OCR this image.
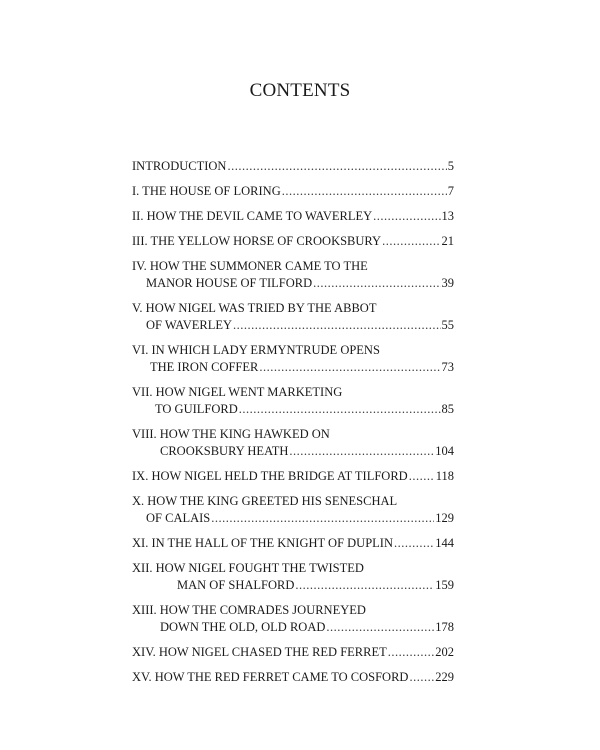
CONTENTS
INTRODUCTION .....	5
I. THE HOUSE OF LORING .....	7
II. HOW THE DEVIL CAME TO WAVERLEY .....	13
III. THE YELLOW HORSE OF CROOKSBURY .....	21
IV. HOW THE SUMMONER CAME TO THE
MANOR HOUSE OF TILFORD .....	39
V. HOW NIGEL WAS TRIED BY THE ABBOT
OF WAVERLEY .....	55
VI. IN WHICH LADY ERMYNTRUDE OPENS
THE IRON COFFER .....	73
VII. HOW NIGEL WENT MARKETING
TO GUILFORD .....	85
VIII. HOW THE KING HAWKED ON
CROOKSBURY HEATH .....	104
IX. HOW NIGEL HELD THE BRIDGE AT TILFORD ..... 118
X. HOW THE KING GREETED HIS SENESCHAL
OF CALAIS .....	129
XI. IN THE HALL OF THE KNIGHT OF DUPLIN .....	144
XII. HOW NIGEL FOUGHT THE TWISTED
MAN OF SHALFORD .....	159
XIII. HOW THE COMRADES JOURNEYED
DOWN THE OLD, OLD ROAD .....	178
XIV. HOW NIGEL CHASED THE RED FERRET .....	202
XV. HOW THE RED FERRET CAME TO COSFORD ..... 229
